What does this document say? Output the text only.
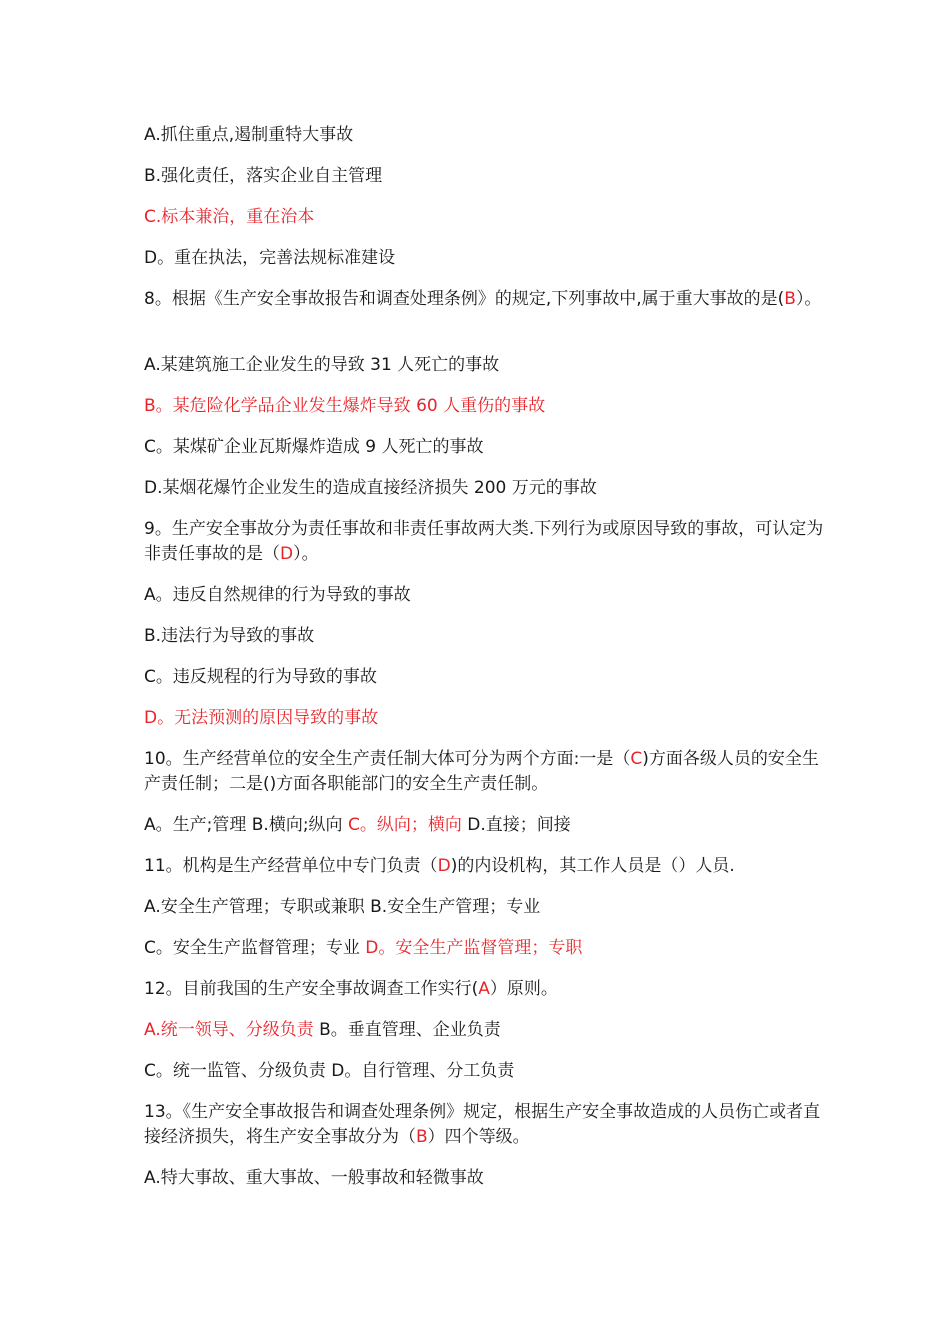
A.抓住重点,遏制重特大事故
B.强化责任，落实企业自主管理
C.标本兼治，重在治本
D。重在执法，完善法规标准建设
8。根据《生产安全事故报告和调查处理条例》的规定,下列事故中,属于重大事故的是(B）。
A.某建筑施工企业发生的导致 31 人死亡的事故
B。某危险化学品企业发生爆炸导致 60 人重伤的事故
C。某煤矿企业瓦斯爆炸造成 9 人死亡的事故
D.某烟花爆竹企业发生的造成直接经济损失 200 万元的事故
9。生产安全事故分为责任事故和非责任事故两大类.下列行为或原因导致的事故，可认定为非责任事故的是（D）。
A。违反自然规律的行为导致的事故
B.违法行为导致的事故
C。违反规程的行为导致的事故
D。无法预测的原因导致的事故
10。生产经营单位的安全生产责任制大体可分为两个方面:一是（C)方面各级人员的安全生产责任制；二是()方面各职能部门的安全生产责任制。
A。生产;管理 B.横向;纵向 C。纵向；横向 D.直接；间接
11。机构是生产经营单位中专门负责（D)的内设机构，其工作人员是（）人员.
A.安全生产管理；专职或兼职 B.安全生产管理；专业
C。安全生产监督管理；专业 D。安全生产监督管理；专职
12。目前我国的生产安全事故调查工作实行(A）原则。
A.统一领导、分级负责 B。垂直管理、企业负责
C。统一监管、分级负责 D。自行管理、分工负责
13。《生产安全事故报告和调查处理条例》规定，根据生产安全事故造成的人员伤亡或者直接经济损失，将生产安全事故分为（B）四个等级。
A.特大事故、重大事故、一般事故和轻微事故
